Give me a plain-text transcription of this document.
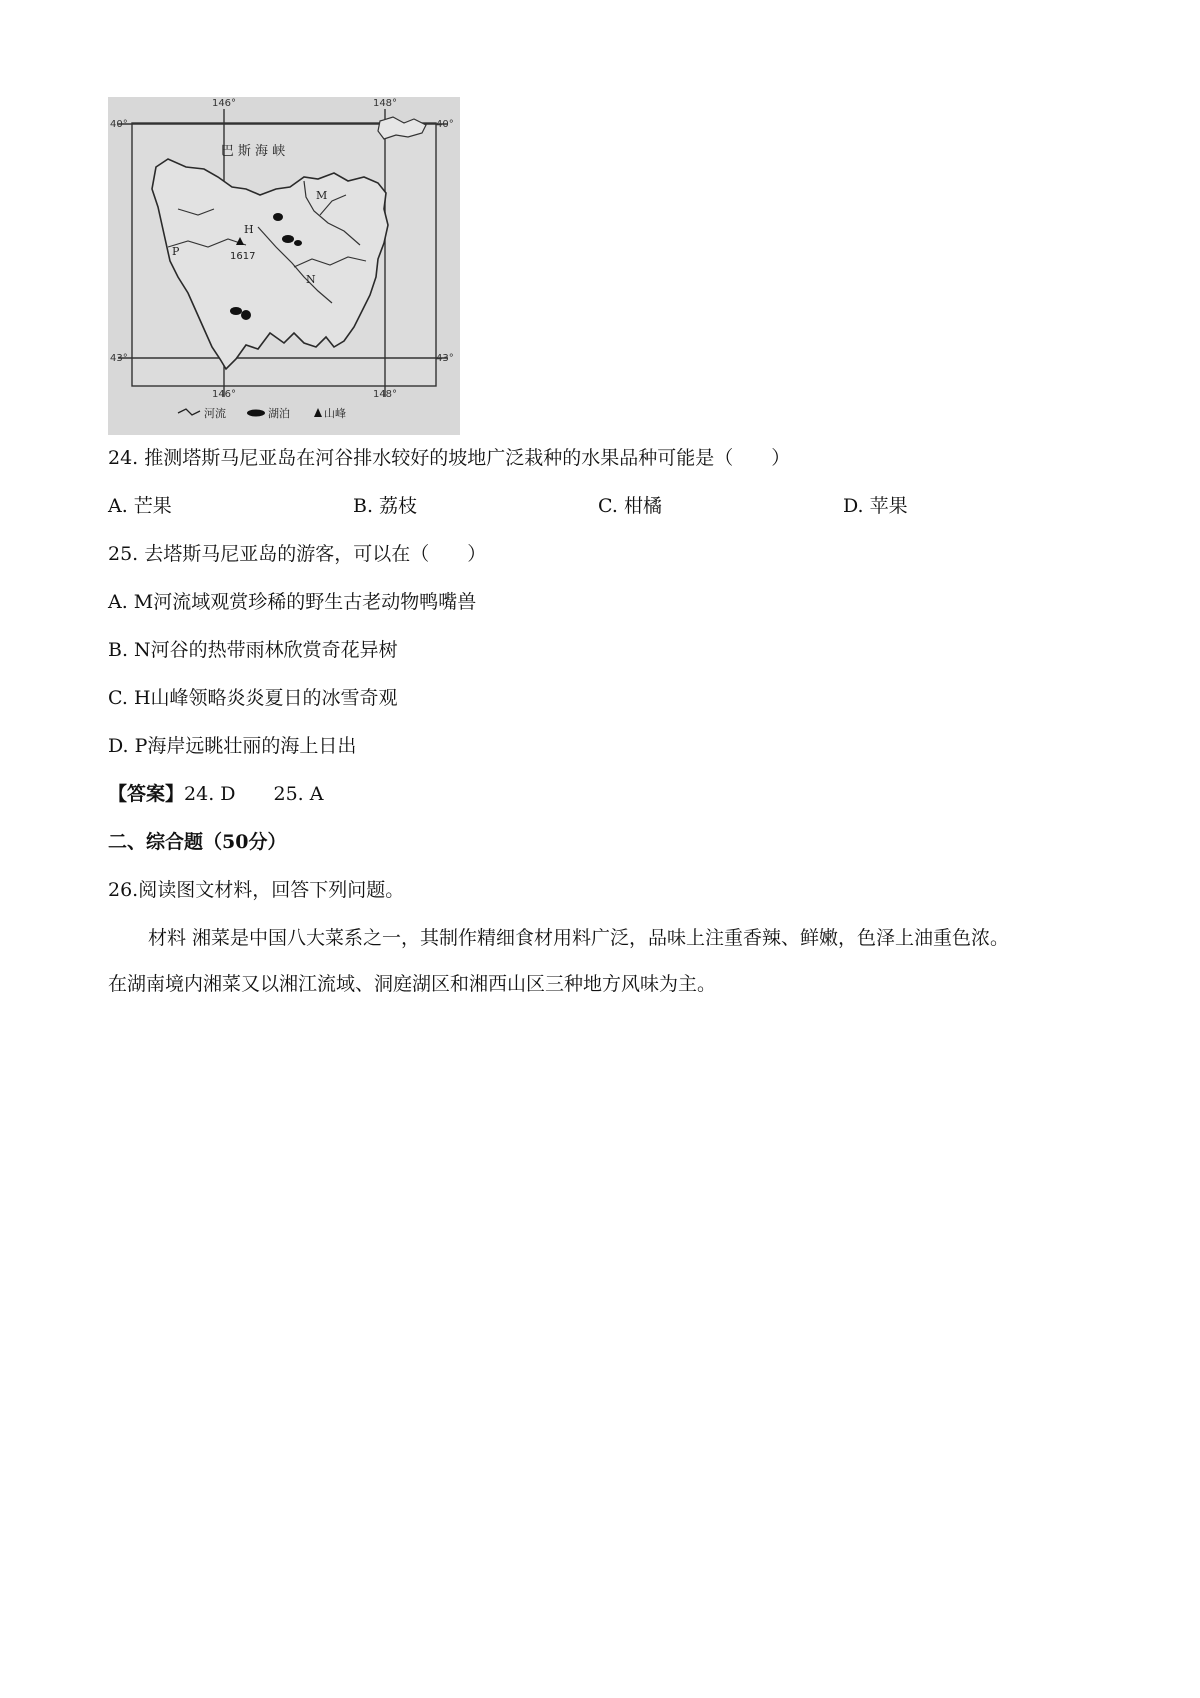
146°	148°
146°	148°
40°	40°
43°	43°
巴 斯 海 峡
M
H
1617
N
P
河流	湖泊	山峰
24. 推测塔斯马尼亚岛在河谷排水较好的坡地广泛栽种的水果品种可能是（　　）
A. 芒果	B. 荔枝	C. 柑橘	D. 苹果
25. 去塔斯马尼亚岛的游客，可以在（　　）
A. M河流域观赏珍稀的野生古老动物鸭嘴兽
B. N河谷的热带雨林欣赏奇花异树
C. H山峰领略炎炎夏日的冰雪奇观
D. P海岸远眺壮丽的海上日出
【答案】24. D　　25. A
二、综合题（50分）
26.阅读图文材料，回答下列问题。

材料 湘菜是中国八大菜系之一，其制作精细食材用料广泛，品味上注重香辣、鲜嫩，色泽上油重色浓。

在湖南境内湘菜又以湘江流域、洞庭湖区和湘西山区三种地方风味为主。
